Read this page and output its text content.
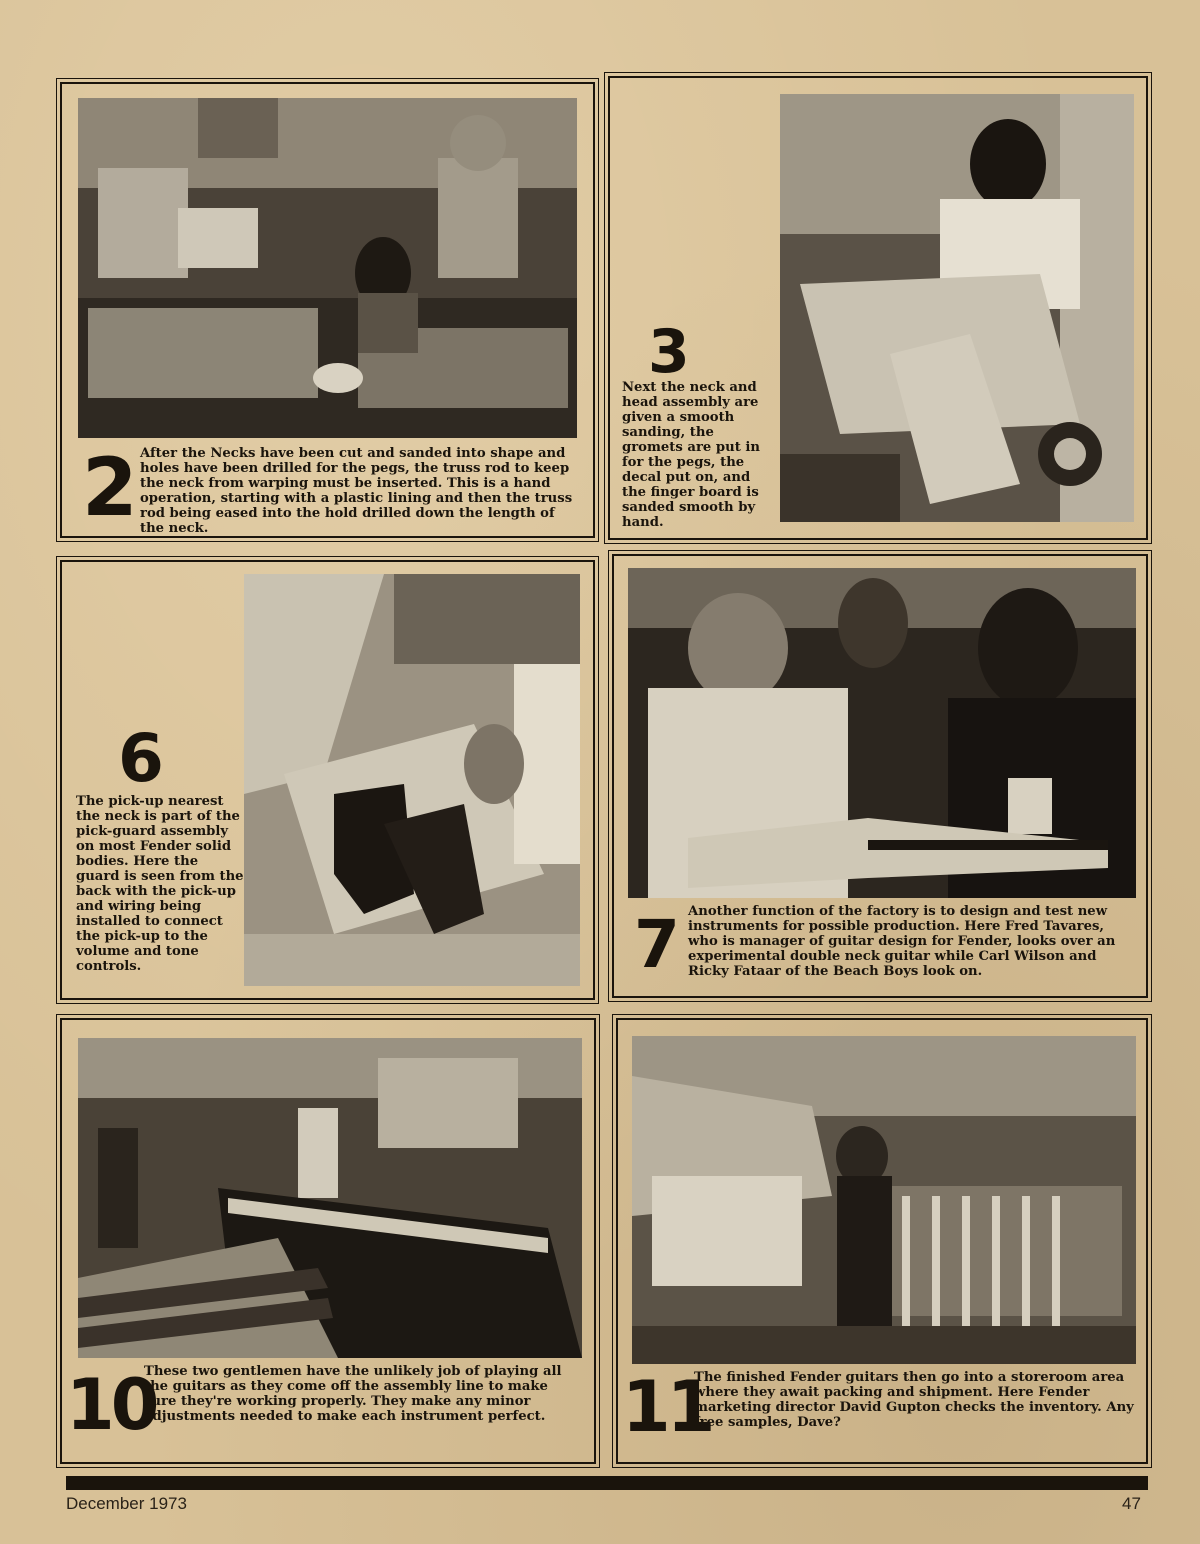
2 After the Necks have been cut and sanded into shape and holes have been drilled for the pegs, the truss rod to keep the neck from warping must be inserted. This is a hand operation, starting with a plastic lining and then the truss rod being eased into the hold drilled down the length of the neck.

3

Next the neck and head assembly are given a smooth sanding, the gromets are put in for the pegs, the decal put on, and the finger board is sanded smooth by hand.

6

The pick-up nearest the neck is part of the pick-guard assembly on most Fender solid bodies. Here the guard is seen from the back with the pick-up and wiring being installed to connect the pick-up to the volume and tone controls.	7 Another function of the factory is to design and test new instruments for possible production. Here Fred Tavares, who is manager of guitar design for Fender, looks over an experimental double neck guitar while Carl Wilson and Ricky Fataar of the Beach Boys look on.

10

These two gentlemen have the unlikely job of playing all the guitars as they come off the assembly line to make sure they're working properly. They make any minor adjustments needed to make each instrument perfect.	11

The finished Fender guitars then go into a storeroom area where they await packing and shipment. Here Fender marketing director David Gupton checks the inventory. Any free samples, Dave?

December 1973	47
